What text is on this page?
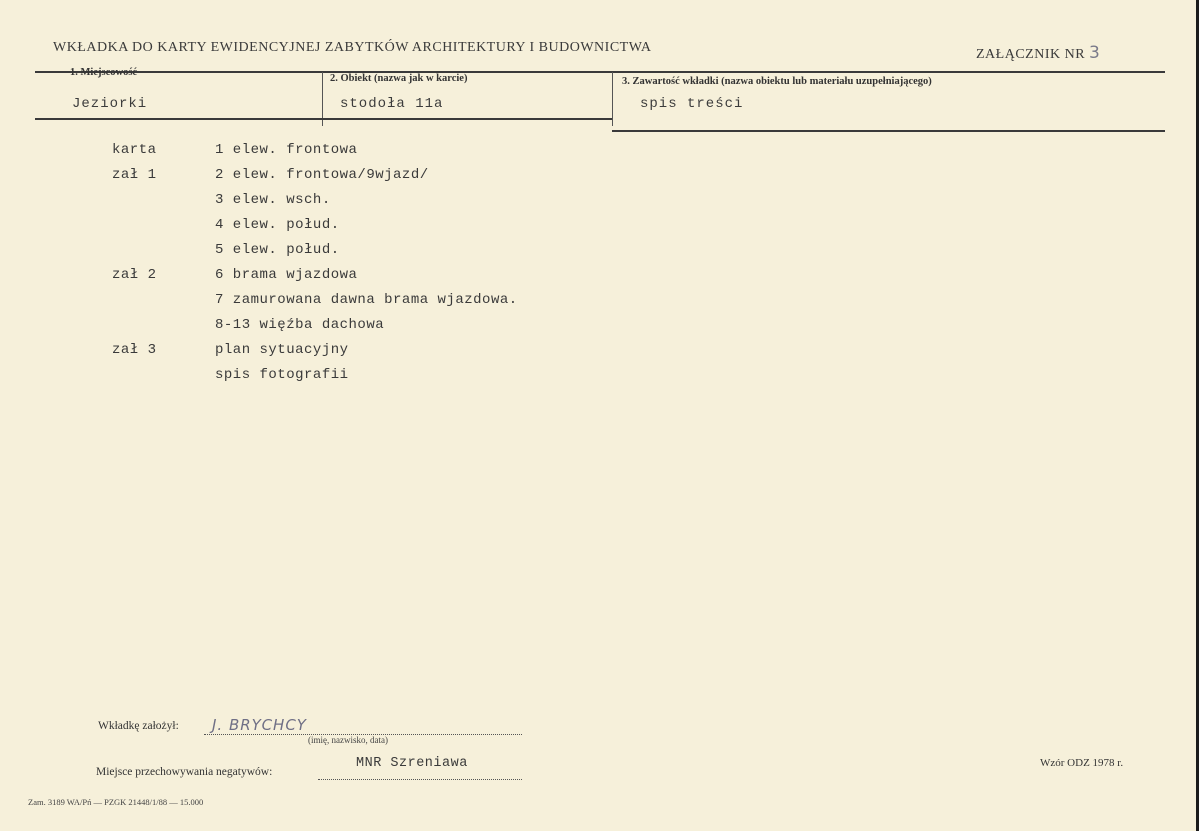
WKŁADKA DO KARTY EWIDENCYJNEJ ZABYTKÓW ARCHITEKTURY I BUDOWNICTWA	ZAŁĄCZNIK NR 3
1. Miejscowość
Jeziorki
2. Obiekt (nazwa jak w karcie)
stodoła 11a
3. Zawartość wkładki (nazwa obiektu lub materiału uzupełniającego)
spis treści
karta	1 elew. frontowa
zał 1	2 elew. frontowa/9wjazd/
3 elew. wsch.
4 elew. połud.
5 elew. połud.
zał 2	6 brama wjazdowa
7 zamurowana dawna brama wjazdowa.
8-13 więźba dachowa
zał 3	plan sytuacyjny
spis fotografii
Wkładkę założył: J. BRYCHCY
(imię, nazwisko, data)
Miejsce przechowywania negatywów:
MNR Szreniawa	Wzór ODZ 1978 r.
Zam. 3189 WA/Pń — PZGK 21448/1/88 — 15.000
